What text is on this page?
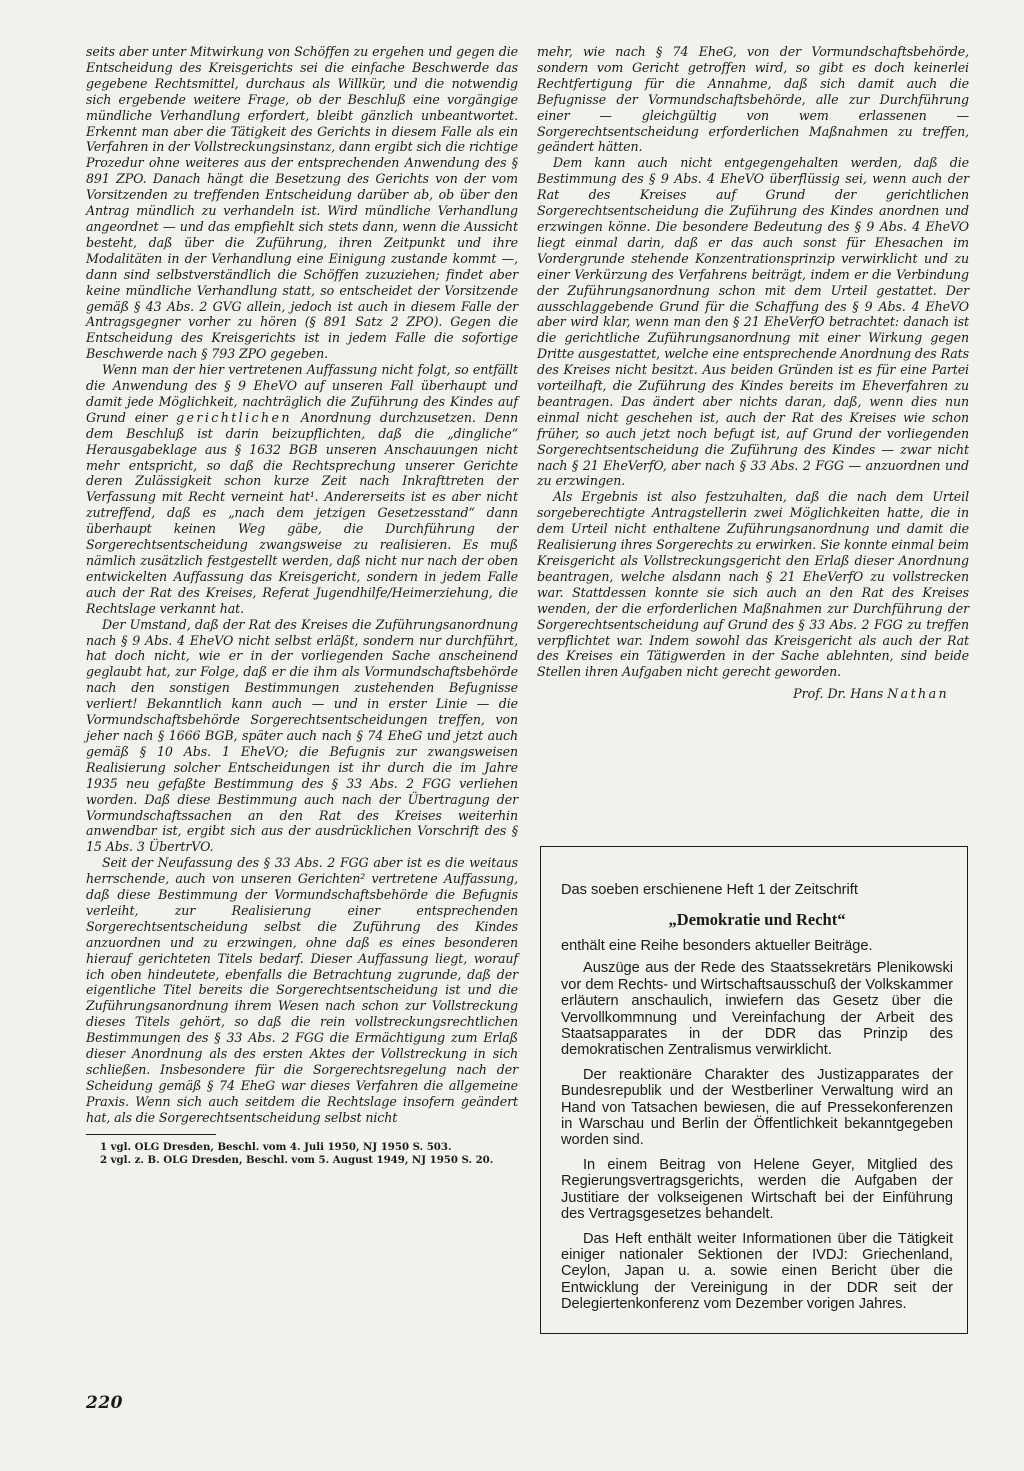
seits aber unter Mitwirkung von Schöffen zu ergehen und gegen die Entscheidung des Kreisgerichts sei die einfache Beschwerde das gegebene Rechtsmittel, durchaus als Willkür, und die notwendig sich ergebende weitere Frage, ob der Beschluß eine vorgängige mündliche Verhandlung erfordert, bleibt gänzlich unbeantwortet. Erkennt man aber die Tätigkeit des Gerichts in diesem Falle als ein Verfahren in der Vollstreckungsinstanz, dann ergibt sich die richtige Prozedur ohne weiteres aus der entsprechenden Anwendung des § 891 ZPO. Danach hängt die Besetzung des Gerichts von der vom Vorsitzenden zu treffenden Entscheidung darüber ab, ob über den Antrag mündlich zu verhandeln ist. Wird mündliche Verhandlung angeordnet — und das empfiehlt sich stets dann, wenn die Aussicht besteht, daß über die Zuführung, ihren Zeitpunkt und ihre Modalitäten in der Verhandlung eine Einigung zustande kommt —, dann sind selbstverständlich die Schöffen zuzuziehen; findet aber keine mündliche Verhandlung statt, so entscheidet der Vorsitzende gemäß § 43 Abs. 2 GVG allein, jedoch ist auch in diesem Falle der Antragsgegner vorher zu hören (§ 891 Satz 2 ZPO). Gegen die Entscheidung des Kreisgerichts ist in jedem Falle die sofortige Beschwerde nach § 793 ZPO gegeben.

Wenn man der hier vertretenen Auffassung nicht folgt, so entfällt die Anwendung des § 9 EheVO auf unseren Fall überhaupt und damit jede Möglichkeit, nachträglich die Zuführung des Kindes auf Grund einer gerichtlichen Anordnung durchzusetzen. Denn dem Beschluß ist darin beizupflichten, daß die „dingliche“ Herausgabeklage aus § 1632 BGB unseren Anschauungen nicht mehr entspricht, so daß die Rechtsprechung unserer Gerichte deren Zulässigkeit schon kurze Zeit nach Inkrafttreten der Verfassung mit Recht verneint hat¹. Andererseits ist es aber nicht zutreffend, daß es „nach dem jetzigen Gesetzesstand“ dann überhaupt keinen Weg gäbe, die Durchführung der Sorgerechtsentscheidung zwangsweise zu realisieren. Es muß nämlich zusätzlich festgestellt werden, daß nicht nur nach der oben entwickelten Auffassung das Kreisgericht, sondern in jedem Falle auch der Rat des Kreises, Referat Jugendhilfe/Heimerziehung, die Rechtslage verkannt hat.

Der Umstand, daß der Rat des Kreises die Zuführungsanordnung nach § 9 Abs. 4 EheVO nicht selbst erläßt, sondern nur durchführt, hat doch nicht, wie er in der vorliegenden Sache anscheinend geglaubt hat, zur Folge, daß er die ihm als Vormundschaftsbehörde nach den sonstigen Bestimmungen zustehenden Befugnisse verliert! Bekanntlich kann auch — und in erster Linie — die Vormundschaftsbehörde Sorgerechtsentscheidungen treffen, von jeher nach § 1666 BGB, später auch nach § 74 EheG und jetzt auch gemäß § 10 Abs. 1 EheVO; die Befugnis zur zwangsweisen Realisierung solcher Entscheidungen ist ihr durch die im Jahre 1935 neu gefaßte Bestimmung des § 33 Abs. 2 FGG verliehen worden. Daß diese Bestimmung auch nach der Übertragung der Vormundschaftssachen an den Rat des Kreises weiterhin anwendbar ist, ergibt sich aus der ausdrücklichen Vorschrift des § 15 Abs. 3 ÜbertrVO.

Seit der Neufassung des § 33 Abs. 2 FGG aber ist es die weitaus herrschende, auch von unseren Gerichten² vertretene Auffassung, daß diese Bestimmung der Vormundschaftsbehörde die Befugnis verleiht, zur Realisierung einer entsprechenden Sorgerechtsentscheidung selbst die Zuführung des Kindes anzuordnen und zu erzwingen, ohne daß es eines besonderen hierauf gerichteten Titels bedarf. Dieser Auffassung liegt, worauf ich oben hindeutete, ebenfalls die Betrachtung zugrunde, daß der eigentliche Titel bereits die Sorgerechtsentscheidung ist und die Zuführungsanordnung ihrem Wesen nach schon zur Vollstreckung dieses Titels gehört, so daß die rein vollstreckungsrechtlichen Bestimmungen des § 33 Abs. 2 FGG die Ermächtigung zum Erlaß dieser Anordnung als des ersten Aktes der Vollstreckung in sich schließen. Insbesondere für die Sorgerechtsregelung nach der Scheidung gemäß § 74 EheG war dieses Verfahren die allgemeine Praxis. Wenn sich auch seitdem die Rechtslage insofern geändert hat, als die Sorgerechtsentscheidung selbst nicht

1 vgl. OLG Dresden, Beschl. vom 4. Juli 1950, NJ 1950 S. 503.

2 vgl. z. B. OLG Dresden, Beschl. vom 5. August 1949, NJ 1950 S. 20.

mehr, wie nach § 74 EheG, von der Vormundschaftsbehörde, sondern vom Gericht getroffen wird, so gibt es doch keinerlei Rechtfertigung für die Annahme, daß sich damit auch die Befugnisse der Vormundschaftsbehörde, alle zur Durchführung einer — gleichgültig von wem erlassenen — Sorgerechtsentscheidung erforderlichen Maßnahmen zu treffen, geändert hätten.

Dem kann auch nicht entgegengehalten werden, daß die Bestimmung des § 9 Abs. 4 EheVO überflüssig sei, wenn auch der Rat des Kreises auf Grund der gerichtlichen Sorgerechtsentscheidung die Zuführung des Kindes anordnen und erzwingen könne. Die besondere Bedeutung des § 9 Abs. 4 EheVO liegt einmal darin, daß er das auch sonst für Ehesachen im Vordergrunde stehende Konzentrationsprinzip verwirklicht und zu einer Verkürzung des Verfahrens beiträgt, indem er die Verbindung der Zuführungsanordnung schon mit dem Urteil gestattet. Der ausschlaggebende Grund für die Schaffung des § 9 Abs. 4 EheVO aber wird klar, wenn man den § 21 EheVerfO betrachtet: danach ist die gerichtliche Zuführungsanordnung mit einer Wirkung gegen Dritte ausgestattet, welche eine entsprechende Anordnung des Rats des Kreises nicht besitzt. Aus beiden Gründen ist es für eine Partei vorteilhaft, die Zuführung des Kindes bereits im Eheverfahren zu beantragen. Das ändert aber nichts daran, daß, wenn dies nun einmal nicht geschehen ist, auch der Rat des Kreises wie schon früher, so auch jetzt noch befugt ist, auf Grund der vorliegenden Sorgerechtsentscheidung die Zuführung des Kindes — zwar nicht nach § 21 EheVerfO, aber nach § 33 Abs. 2 FGG — anzuordnen und zu erzwingen.

Als Ergebnis ist also festzuhalten, daß die nach dem Urteil sorgeberechtigte Antragstellerin zwei Möglichkeiten hatte, die in dem Urteil nicht enthaltene Zuführungsanordnung und damit die Realisierung ihres Sorgerechts zu erwirken. Sie konnte einmal beim Kreisgericht als Vollstreckungsgericht den Erlaß dieser Anordnung beantragen, welche alsdann nach § 21 EheVerfO zu vollstrecken war. Stattdessen konnte sie sich auch an den Rat des Kreises wenden, der die erforderlichen Maßnahmen zur Durchführung der Sorgerechtsentscheidung auf Grund des § 33 Abs. 2 FGG zu treffen verpflichtet war. Indem sowohl das Kreisgericht als auch der Rat des Kreises ein Tätigwerden in der Sache ablehnten, sind beide Stellen ihren Aufgaben nicht gerecht geworden.

Prof. Dr. Hans Nathan

Das soeben erschienene Heft 1 der Zeitschrift

„Demokratie und Recht“

enthält eine Reihe besonders aktueller Beiträge.

Auszüge aus der Rede des Staatssekretärs Plenikowski vor dem Rechts- und Wirtschaftsausschuß der Volkskammer erläutern anschaulich, inwiefern das Gesetz über die Vervollkommnung und Vereinfachung der Arbeit des Staatsapparates in der DDR das Prinzip des demokratischen Zentralismus verwirklicht.

Der reaktionäre Charakter des Justizapparates der Bundesrepublik und der Westberliner Verwaltung wird an Hand von Tatsachen bewiesen, die auf Pressekonferenzen in Warschau und Berlin der Öffentlichkeit bekanntgegeben worden sind.

In einem Beitrag von Helene Geyer, Mitglied des Regierungsvertragsgerichts, werden die Aufgaben der Justitiare der volkseigenen Wirtschaft bei der Einführung des Vertragsgesetzes behandelt.

Das Heft enthält weiter Informationen über die Tätigkeit einiger nationaler Sektionen der IVDJ: Griechenland, Ceylon, Japan u. a. sowie einen Bericht über die Entwicklung der Vereinigung in der DDR seit der Delegiertenkonferenz vom Dezember vorigen Jahres.

220
